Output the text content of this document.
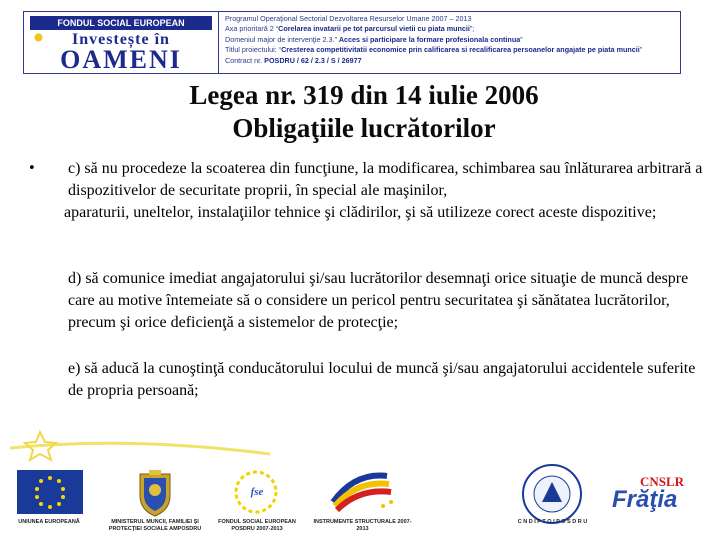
FONDUL SOCIAL EUROPEAN
Investește în
OAMENI
Programul Operaţional Sectorial Dezvoltarea Resurselor Umane 2007 – 2013
Axa prioritară 2 “Corelarea invatarii pe tot parcursul vietii cu piata muncii”;
Domeniul major de intervenţie 2.3.” Acces si participare la formare profesionala continua”
Titlul proiectului: “Cresterea competitivitatii economice prin calificarea si recalificarea persoanelor angajate pe piata muncii”
Contract nr. POSDRU / 62 / 2.3 / S / 26977
Legea nr. 319 din 14 iulie 2006
Obligaţiile lucrătorilor
• c) să nu procedeze la scoaterea din funcţiune, la modificarea, schimbarea sau înlăturarea arbitrară a dispozitivelor de securitate proprii, în special ale maşinilor,
aparaturii, uneltelor, instalaţiilor tehnice şi clădirilor, şi să utilizeze corect aceste dispozitive;
d) să comunice imediat angajatorului şi/sau lucrătorilor desemnaţi orice situaţie de muncă despre care au motive întemeiate să o considere un pericol pentru securitatea şi sănătatea lucrătorilor, precum şi orice deficienţă a sistemelor de protecţie;
e) să aducă la cunoştinţă conducătorului locului de muncă şi/sau angajatorului accidentele suferite de propria persoană;
UNIUNEA EUROPEANĂ	MINISTERUL MUNCII, FAMILIEI ŞI PROTECŢIEI SOCIALE AMPOSDRU
fse
FONDUL SOCIAL EUROPEAN POSDRU 2007-2013
INSTRUMENTE STRUCTURALE 2007-2013
C N D I P T O I P O S D R U
CNSLR
Frăţia
